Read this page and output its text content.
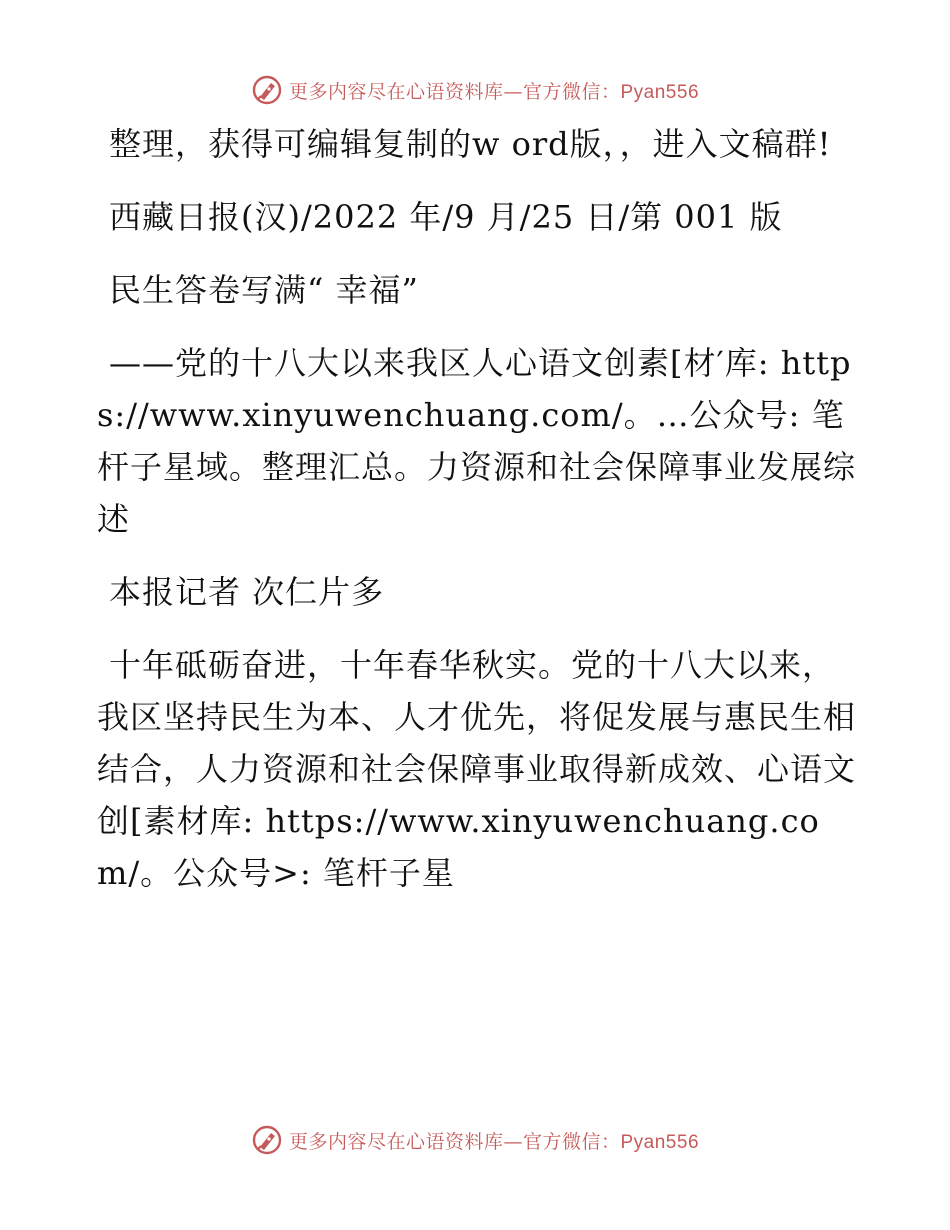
更多内容尽在心语资料库—官方微信：Pyan556

整理，获得可编辑复制的w ord版，，进入文稿群!

西藏日报(汉)/2022 年/9 月/25 日/第 001 版

民生答卷写满“ 幸福”

——党的十八大以来我区人心语文创素[材′库: https://www.xinyuwenchuang.com/。…公众号: 笔杆子星域。整理汇总。力资源和社会保障事业发展综述

本报记者 次仁片多

十年砥砺奋进，十年春华秋实。党的十八大以来，我区坚持民生为本、人才优先，将促发展与惠民生相结合，人力资源和社会保障事业取得新成效、心语文创[素材库: https://www.xinyuwenchuang.com/。公众号>: 笔杆子星

更多内容尽在心语资料库—官方微信：Pyan556
